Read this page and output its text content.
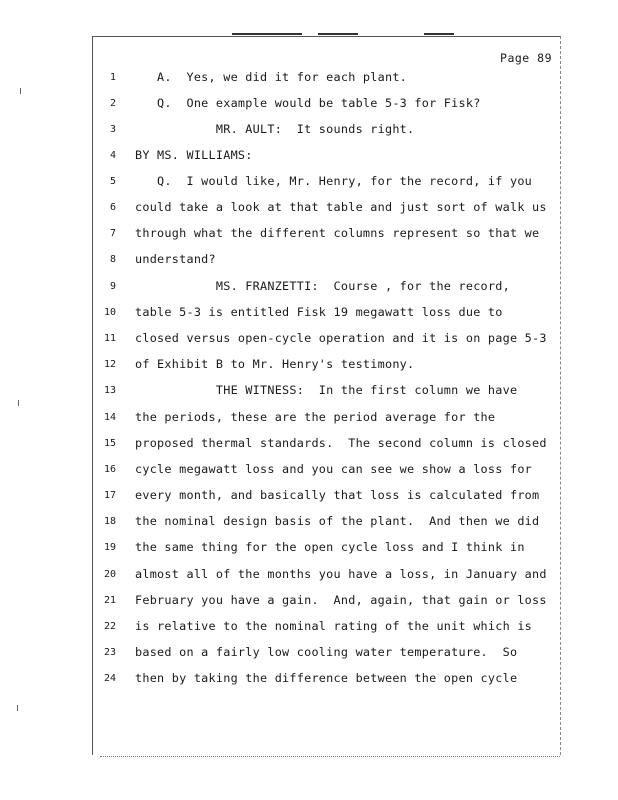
Page 89
1 A.  Yes, we did it for each plant.
2 Q.  One example would be table 5-3 for Fisk?
3 MR. AULT:  It sounds right.
4 BY MS. WILLIAMS:
5 Q.  I would like, Mr. Henry, for the record, if you
6 could take a look at that table and just sort of walk us
7 through what the different columns represent so that we
8 understand?
9 MS. FRANZETTI:  Course , for the record,
10 table 5-3 is entitled Fisk 19 megawatt loss due to
11 closed versus open-cycle operation and it is on page 5-3
12 of Exhibit B to Mr. Henry's testimony.
13 THE WITNESS:  In the first column we have
14 the periods, these are the period average for the
15 proposed thermal standards.  The second column is closed
16 cycle megawatt loss and you can see we show a loss for
17 every month, and basically that loss is calculated from
18 the nominal design basis of the plant.  And then we did
19 the same thing for the open cycle loss and I think in
20 almost all of the months you have a loss, in January and
21 February you have a gain.  And, again, that gain or loss
22 is relative to the nominal rating of the unit which is
23 based on a fairly low cooling water temperature.  So
24 then by taking the difference between the open cycle
